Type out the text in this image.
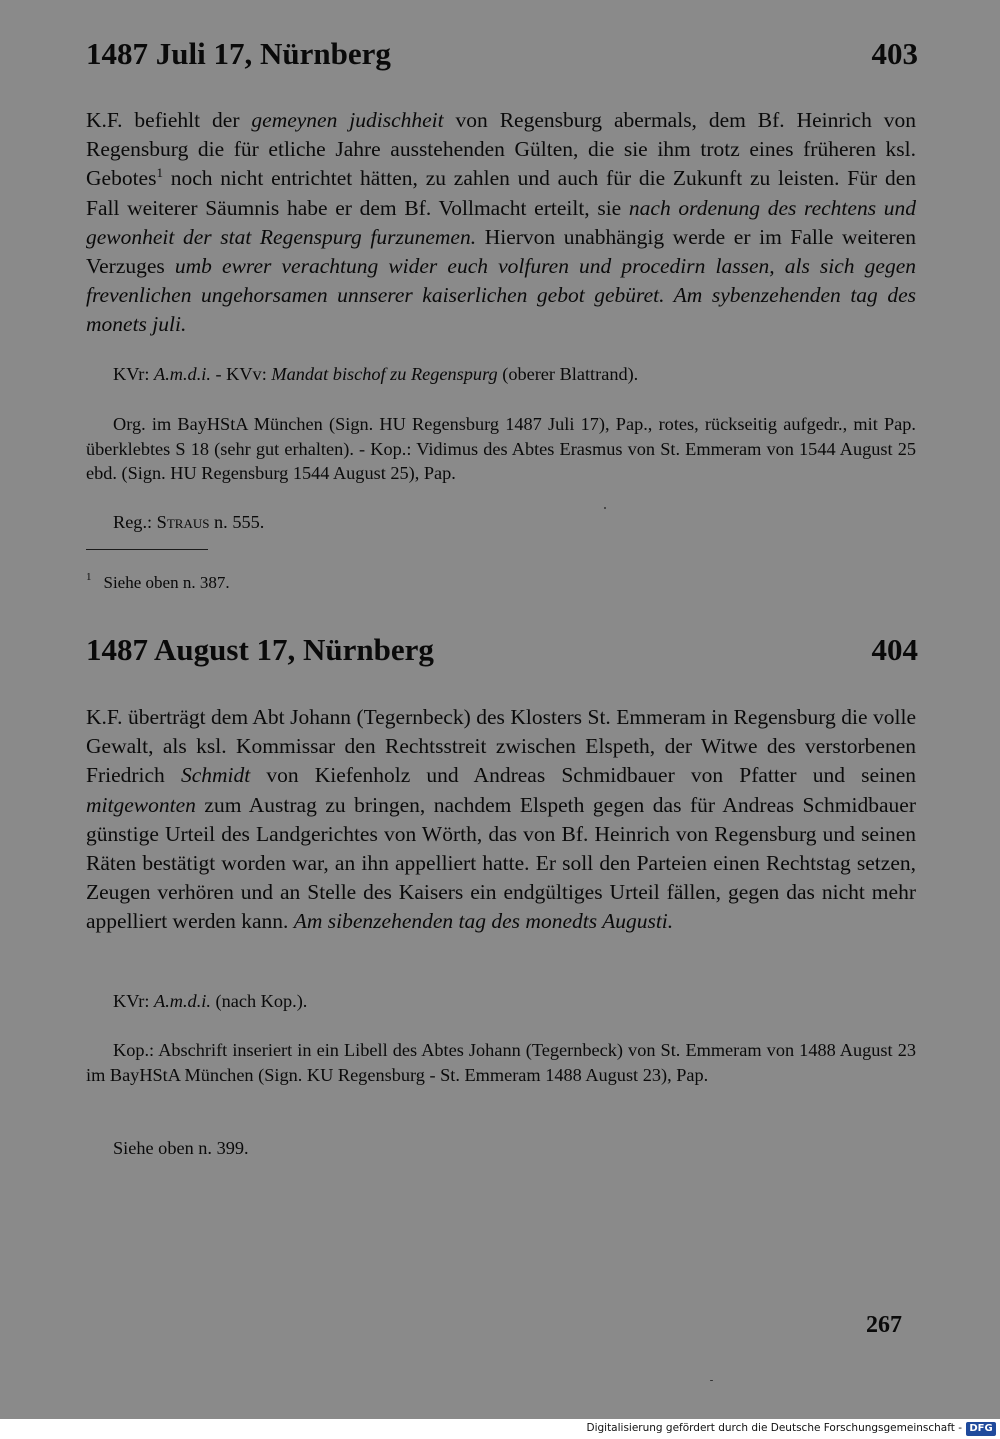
1487 Juli 17, Nürnberg	403

K.F. befiehlt der gemeynen judischheit von Regensburg abermals, dem Bf. Heinrich von Regensburg die für etliche Jahre ausstehenden Gülten, die sie ihm trotz eines früheren ksl. Gebotes$^1$ noch nicht entrichtet hätten, zu zahlen und auch für die Zukunft zu leisten. Für den Fall weiterer Säumnis habe er dem Bf. Vollmacht erteilt, sie nach ordenung des rechtens und gewonheit der stat Regenspurg furzunemen. Hiervon unabhängig werde er im Falle weiteren Verzuges umb ewrer verachtung wider euch volfuren und procedirn lassen, als sich gegen frevenlichen ungehorsamen unnserer kaiserlichen gebot gebüret. Am sybenzehenden tag des monets juli.

KVr: A.m.d.i. - KVv: Mandat bischof zu Regenspurg (oberer Blattrand).

Org. im BayHStA München (Sign. HU Regensburg 1487 Juli 17), Pap., rotes, rückseitig aufgedr., mit Pap. überklebtes S 18 (sehr gut erhalten). - Kop.: Vidimus des Abtes Erasmus von St. Emmeram von 1544 August 25 ebd. (Sign. HU Regensburg 1544 August 25), Pap.

Reg.: Straus n. 555.

$^1$ Siehe oben n. 387.
1487 August 17, Nürnberg	404

K.F. überträgt dem Abt Johann (Tegernbeck) des Klosters St. Emmeram in Regensburg die volle Gewalt, als ksl. Kommissar den Rechtsstreit zwischen Elspeth, der Witwe des verstorbenen Friedrich Schmidt von Kiefenholz und Andreas Schmidbauer von Pfatter und seinen mitgewonten zum Austrag zu bringen, nachdem Elspeth gegen das für Andreas Schmidbauer günstige Urteil des Landgerichtes von Wörth, das von Bf. Heinrich von Regensburg und seinen Räten bestätigt worden war, an ihn appelliert hatte. Er soll den Parteien einen Rechtstag setzen, Zeugen verhören und an Stelle des Kaisers ein endgültiges Urteil fällen, gegen das nicht mehr appelliert werden kann. Am sibenzehenden tag des monedts Augusti.

KVr: A.m.d.i. (nach Kop.).

Kop.: Abschrift inseriert in ein Libell des Abtes Johann (Tegernbeck) von St. Emmeram von 1488 August 23 im BayHStA München (Sign. KU Regensburg - St. Emmeram 1488 August 23), Pap.

Siehe oben n. 399.

267
Digitalisierung gefördert durch die Deutsche Forschungsgemeinschaft - DFG
